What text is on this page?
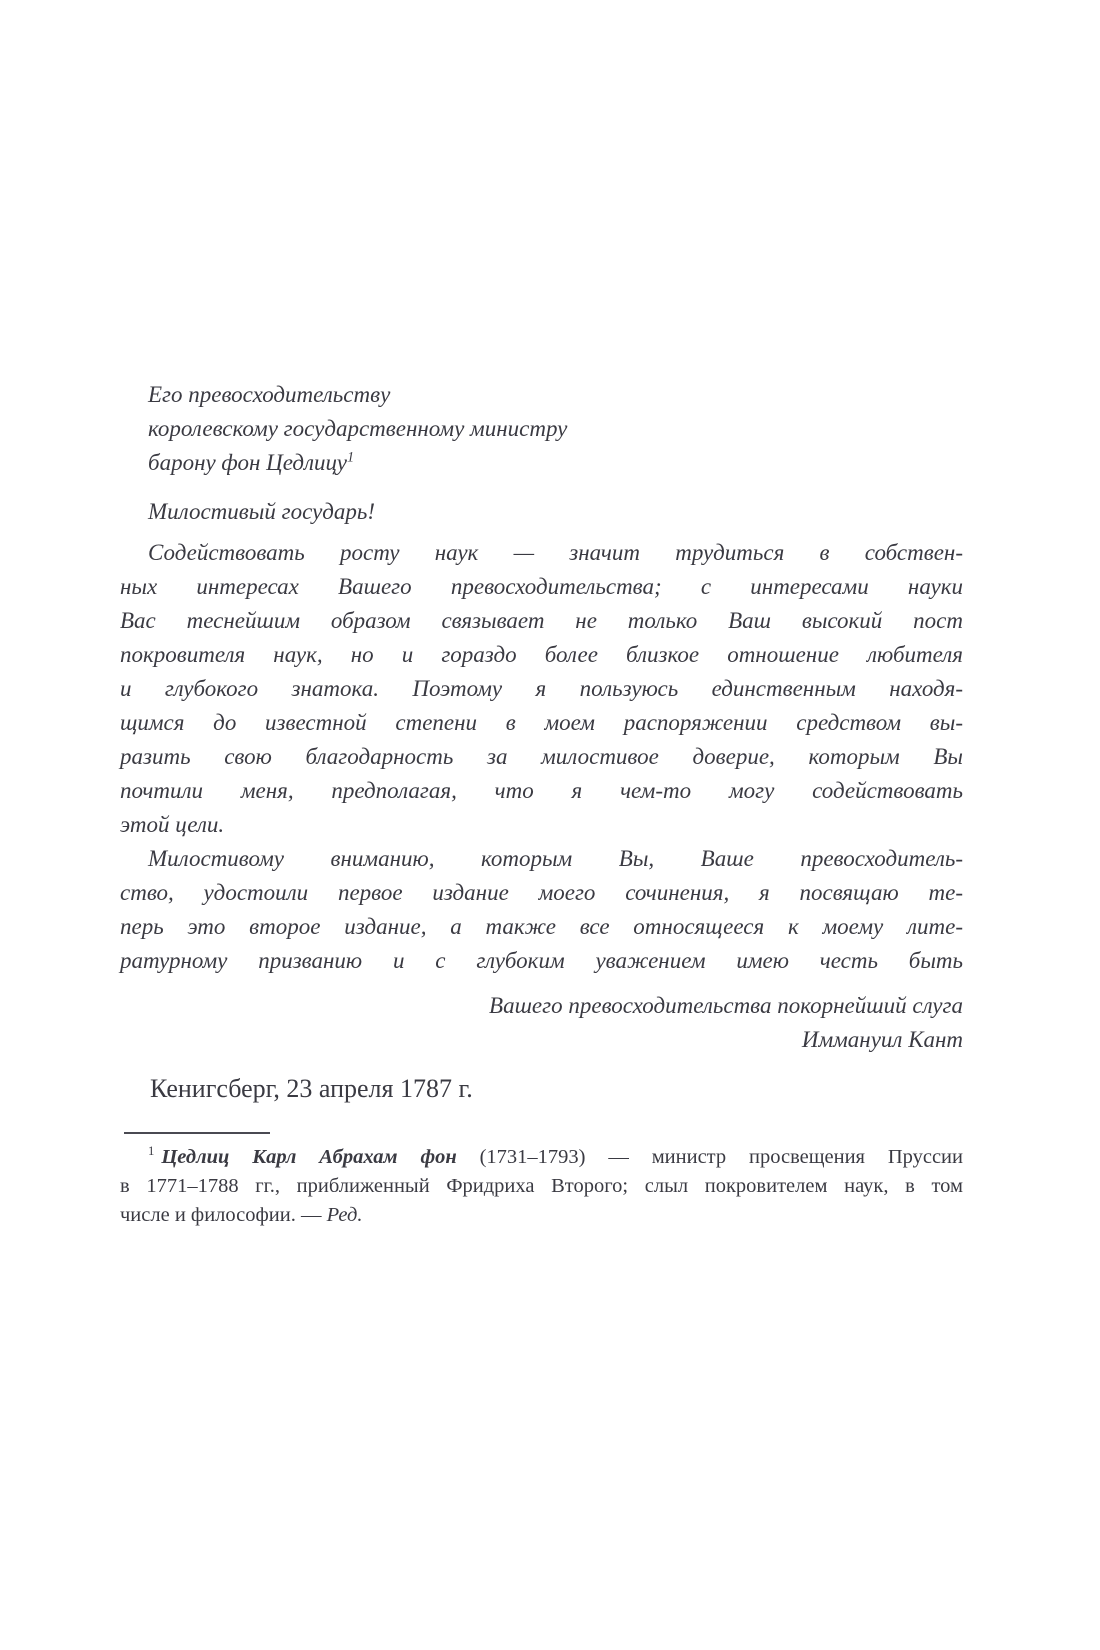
Его превосходительству
королевскому государственному министру
барону фон Цедлицу$^1$
Милостивый государь!
Содействовать росту наук — значит трудиться в собствен-
ных интересах Вашего превосходительства; с интересами науки
Вас теснейшим образом связывает не только Ваш высокий пост
покровителя наук, но и гораздо более близкое отношение любителя
и глубокого знатока. Поэтому я пользуюсь единственным находя-
щимся до известной степени в моем распоряжении средством вы-
разить свою благодарность за милостивое доверие, которым Вы
почтили меня, предполагая, что я чем-то могу содействовать
этой цели.
Милостивому вниманию, которым Вы, Ваше превосходитель-
ство, удостоили первое издание моего сочинения, я посвящаю те-
перь это второе издание, а также все относящееся к моему лите-
ратурному призванию и с глубоким уважением имею честь быть
Вашего превосходительства покорнейший слуга
Иммануил Кант
Кенигсберг, 23 апреля 1787 г.
$^1$ Цедлиц Карл Абрахам фон (1731–1793) — министр просвещения Пруссии
в 1771–1788 гг., приближенный Фридриха Второго; слыл покровителем наук, в том
числе и философии. — Ред.
